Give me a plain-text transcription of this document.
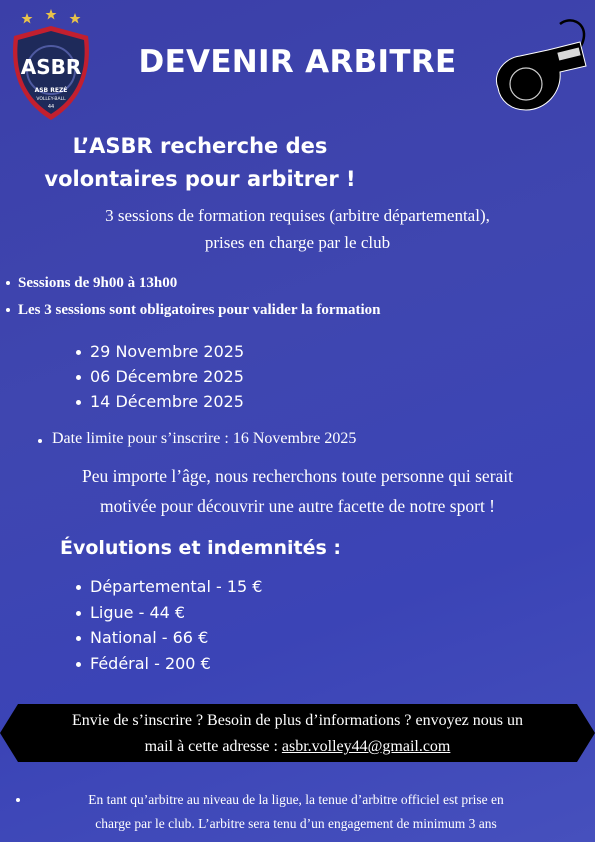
ASBR
ASB REZÉ
VOLLEY-BALL
44
DEVENIR ARBITRE
L’ASBR recherche des
volontaires pour arbitrer !
3 sessions de formation requises (arbitre départemental),
prises en charge par le club
Sessions de 9h00 à 13h00
Les 3 sessions sont obligatoires pour valider la formation
29 Novembre 2025
06 Décembre 2025
14 Décembre 2025
Date limite pour s’inscrire : 16 Novembre 2025
Peu importe l’âge, nous recherchons toute personne qui serait
motivée pour découvrir une autre facette de notre sport !
Évolutions et indemnités :
Départemental - 15 €
Ligue - 44 €
National - 66 €
Fédéral - 200 €
Envie de s’inscrire ? Besoin de plus d’informations ? envoyez nous un
mail à cette adresse : asbr.volley44@gmail.com
En tant qu’arbitre au niveau de la ligue, la tenue d’arbitre officiel est prise en
charge par le club. L’arbitre sera tenu d’un engagement de minimum 3 ans
